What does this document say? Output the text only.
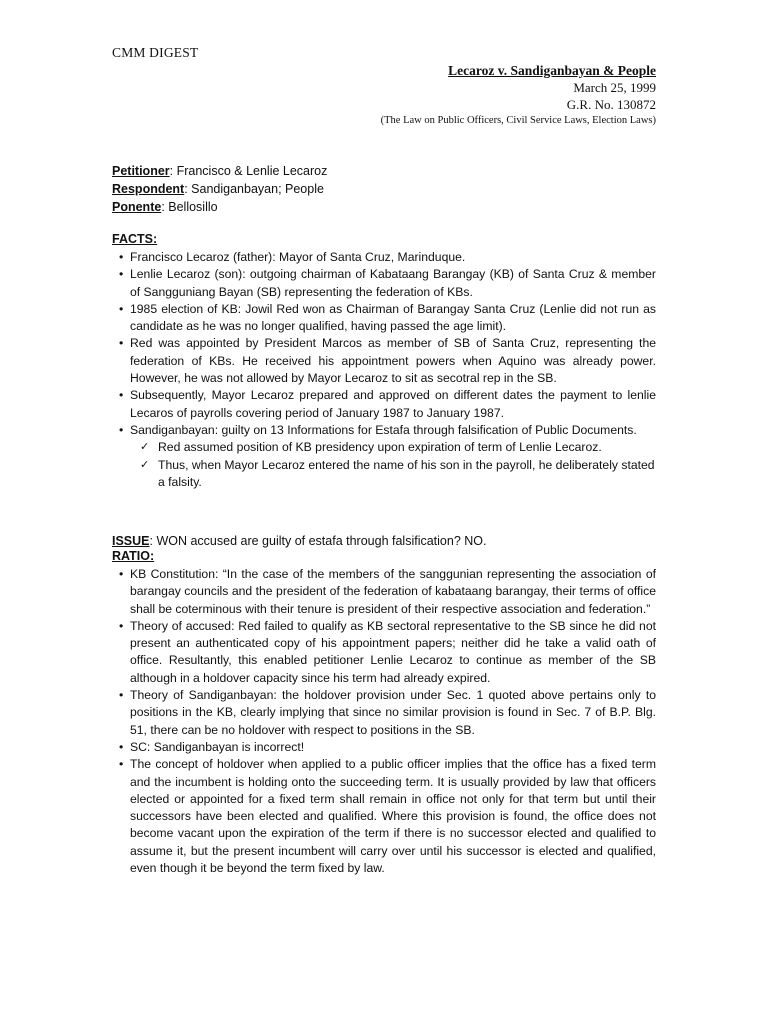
CMM DIGEST
Lecaroz v. Sandiganbayan & People
March 25, 1999
G.R. No. 130872
(The Law on Public Officers, Civil Service Laws, Election Laws)
Petitioner: Francisco & Lenlie Lecaroz
Respondent: Sandiganbayan; People
Ponente: Bellosillo
FACTS:
• Francisco Lecaroz (father): Mayor of Santa Cruz, Marinduque.
• Lenlie Lecaroz (son): outgoing chairman of Kabataang Barangay (KB) of Santa Cruz & member of Sangguniang Bayan (SB) representing the federation of KBs.
• 1985 election of KB: Jowil Red won as Chairman of Barangay Santa Cruz (Lenlie did not run as candidate as he was no longer qualified, having passed the age limit).
• Red was appointed by President Marcos as member of SB of Santa Cruz, representing the federation of KBs. He received his appointment powers when Aquino was already power. However, he was not allowed by Mayor Lecaroz to sit as secotral rep in the SB.
• Subsequently, Mayor Lecaroz prepared and approved on different dates the payment to lenlie Lecaros of payrolls covering period of January 1987 to January 1987.
• Sandiganbayan: guilty on 13 Informations for Estafa through falsification of Public Documents.
✓ Red assumed position of KB presidency upon expiration of term of Lenlie Lecaroz.
✓ Thus, when Mayor Lecaroz entered the name of his son in the payroll, he deliberately stated a falsity.
ISSUE: WON accused are guilty of estafa through falsification? NO.
RATIO:
• KB Constitution: “In the case of the members of the sanggunian representing the association of barangay councils and the president of the federation of kabataang barangay, their terms of office shall be coterminous with their tenure is president of their respective association and federation.”
• Theory of accused: Red failed to qualify as KB sectoral representative to the SB since he did not present an authenticated copy of his appointment papers; neither did he take a valid oath of office. Resultantly, this enabled petitioner Lenlie Lecaroz to continue as member of the SB although in a holdover capacity since his term had already expired.
• Theory of Sandiganbayan: the holdover provision under Sec. 1 quoted above pertains only to positions in the KB, clearly implying that since no similar provision is found in Sec. 7 of B.P. Blg. 51, there can be no holdover with respect to positions in the SB.
• SC: Sandiganbayan is incorrect!
• The concept of holdover when applied to a public officer implies that the office has a fixed term and the incumbent is holding onto the succeeding term. It is usually provided by law that officers elected or appointed for a fixed term shall remain in office not only for that term but until their successors have been elected and qualified. Where this provision is found, the office does not become vacant upon the expiration of the term if there is no successor elected and qualified to assume it, but the present incumbent will carry over until his successor is elected and qualified, even though it be beyond the term fixed by law.
